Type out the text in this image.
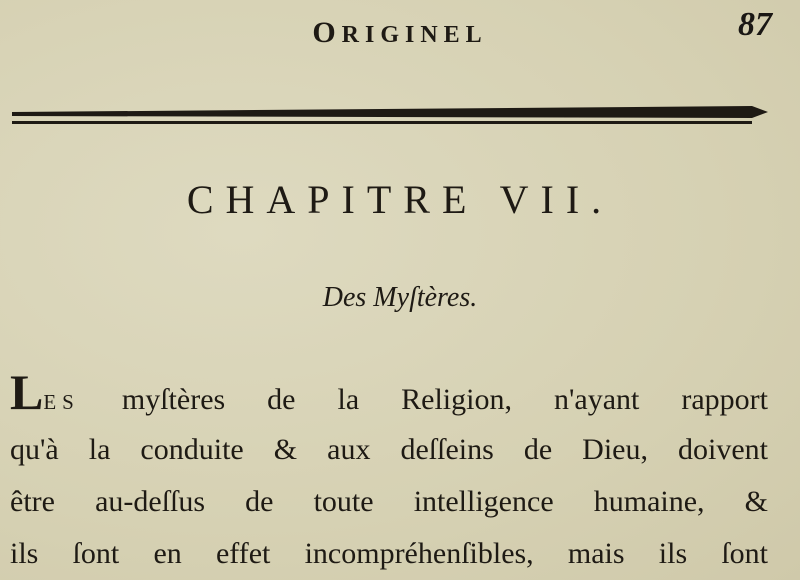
ORIGINEL	87
CHAPITRE VII.
Des Myſtères.
LES myſtères de la Religion, n'ayant rapport
qu'à la conduite & aux deſſeins de Dieu, doivent
être au-deſſus de toute intelligence humaine, &
ils ſont en effet incompréhenſibles, mais ils ſont
